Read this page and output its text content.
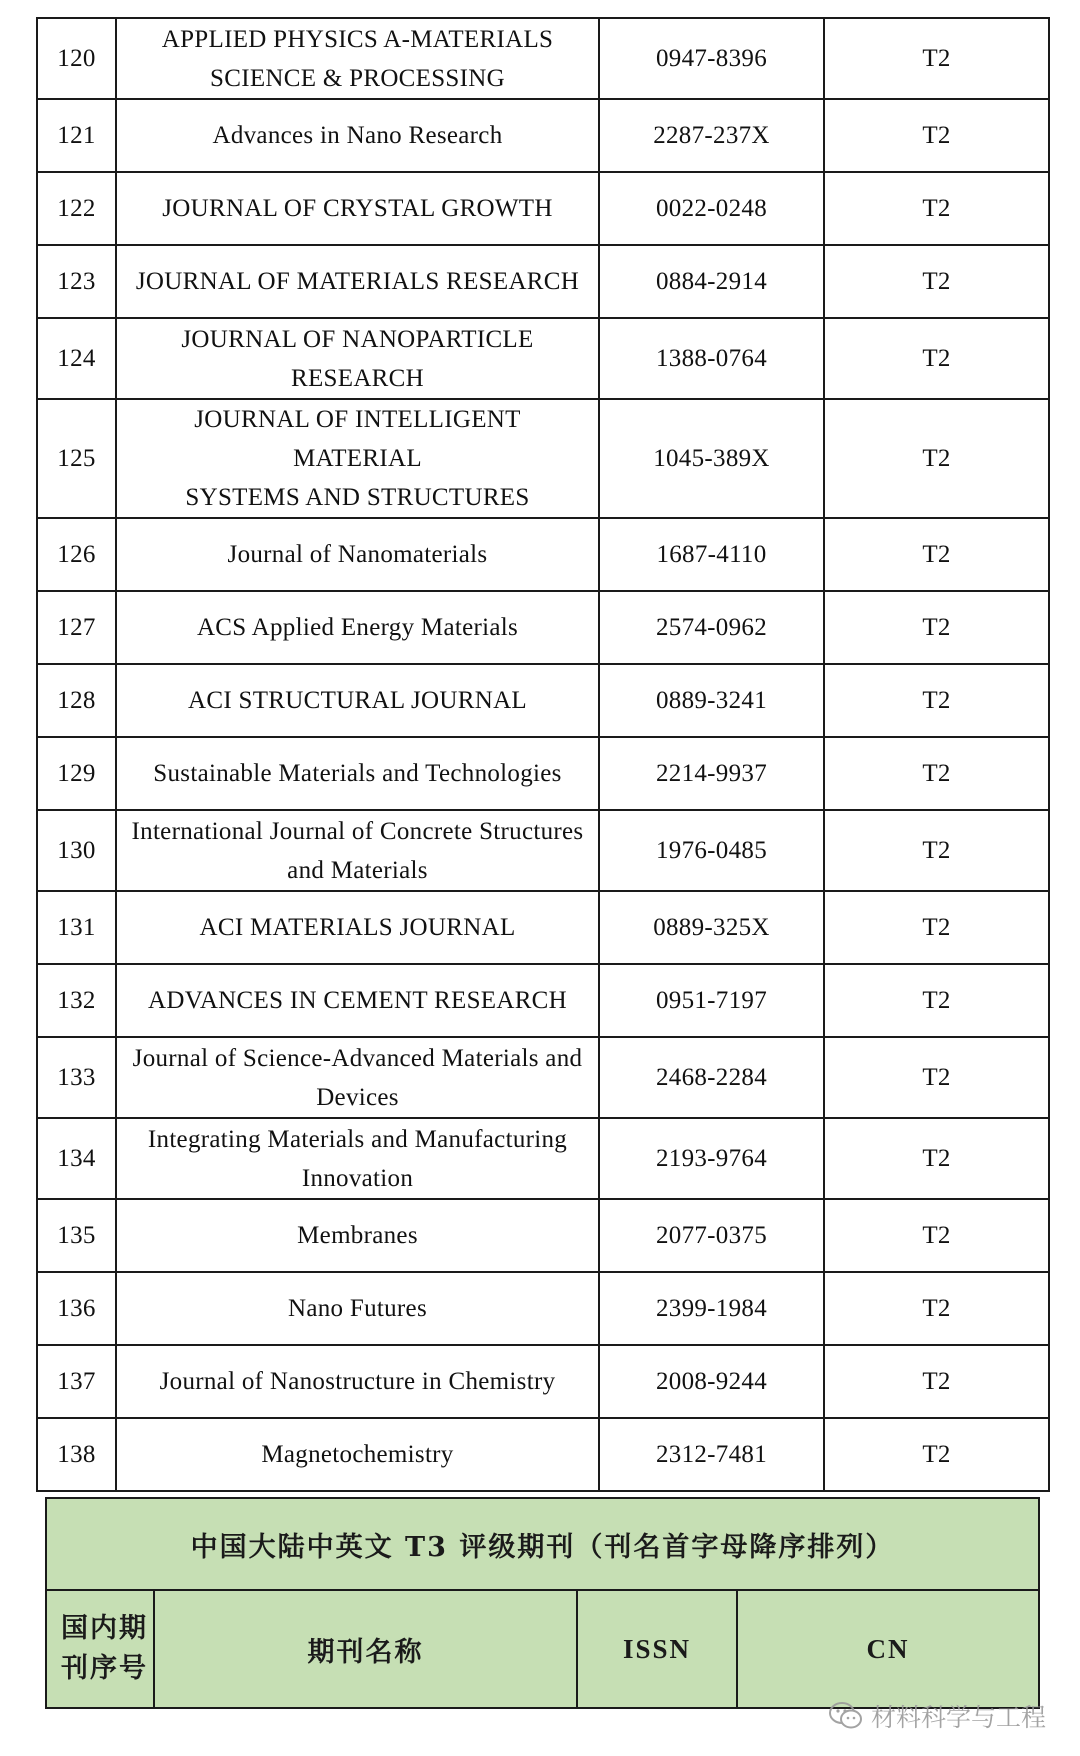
120	APPLIED PHYSICS A-MATERIALS
SCIENCE & PROCESSING	0947-8396	T2
121	Advances in Nano Research	2287-237X	T2
122	JOURNAL OF CRYSTAL GROWTH	0022-0248	T2
123	JOURNAL OF MATERIALS RESEARCH	0884-2914	T2
124	JOURNAL OF NANOPARTICLE
RESEARCH	1388-0764	T2
125	JOURNAL OF INTELLIGENT MATERIAL
SYSTEMS AND STRUCTURES	1045-389X	T2
126	Journal of Nanomaterials	1687-4110	T2
127	ACS Applied Energy Materials	2574-0962	T2
128	ACI STRUCTURAL JOURNAL	0889-3241	T2
129	Sustainable Materials and Technologies	2214-9937	T2
130	International Journal of Concrete Structures
and Materials	1976-0485	T2
131	ACI MATERIALS JOURNAL	0889-325X	T2
132	ADVANCES IN CEMENT RESEARCH	0951-7197	T2
133	Journal of Science-Advanced Materials and
Devices	2468-2284	T2
134	Integrating Materials and Manufacturing
Innovation	2193-9764	T2
135	Membranes	2077-0375	T2
136	Nano Futures	2399-1984	T2
137	Journal of Nanostructure in Chemistry	2008-9244	T2
138	Magnetochemistry	2312-7481	T2
中国大陆中英文 T3 评级期刊（刊名首字母降序排列）
国内期
刊序号	期刊名称	ISSN	CN
材料科学与工程
